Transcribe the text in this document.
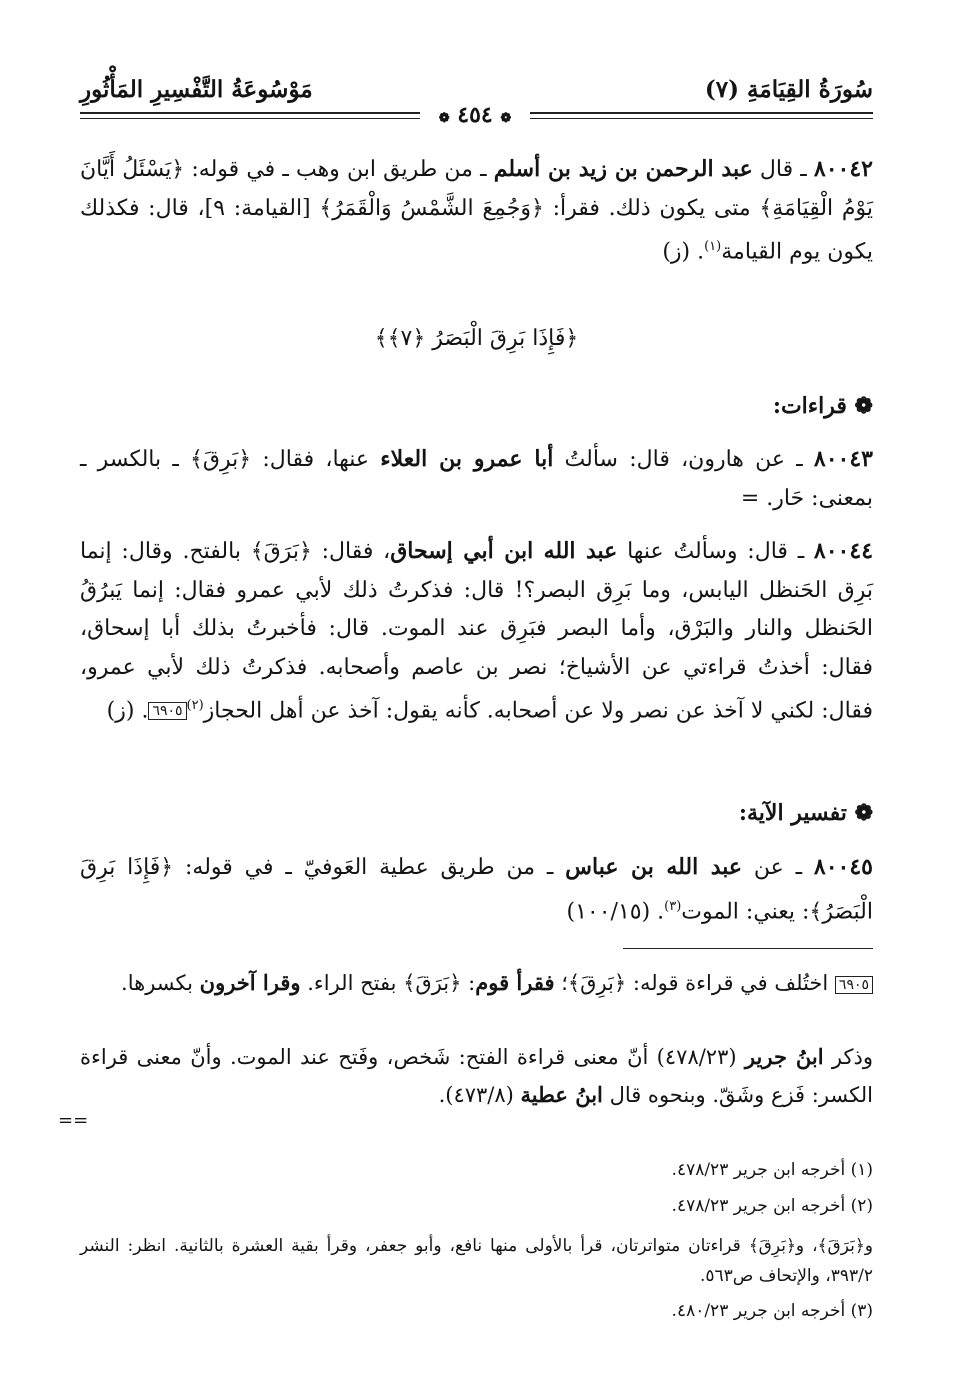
سُورَةُ القِيَامَةِ (٧)
مَوْسُوعَةُ التَّفْسِيرِ المَأْثُورِ
❁ ٤٥٤ ❁
٨٠٠٤٢ ـ قال عبد الرحمن بن زيد بن أسلم ـ من طريق ابن وهب ـ في قوله: ﴿يَسْئَلُ أَيَّانَ يَوْمُ الْقِيَامَةِ﴾ متى يكون ذلك. فقرأ: ﴿وَجُمِعَ الشَّمْسُ وَالْقَمَرُ﴾ [القيامة: ٩]، قال: فكذلك يكون يوم القيامة$^{(١)}$. (ز)
﴿فَإِذَا بَرِقَ الْبَصَرُ ﴿٧﴾﴾
❁ قراءات:
٨٠٠٤٣ ـ عن هارون، قال: سألتُ أبا عمرو بن العلاء عنها، فقال: ﴿بَرِقَ﴾ ـ بالكسر ـ بمعنى: حَار. =
٨٠٠٤٤ ـ قال: وسألتُ عنها عبد الله ابن أبي إسحاق، فقال: ﴿بَرَقَ﴾ بالفتح. وقال: إنما بَرِق الحَنظل اليابس، وما بَرِق البصر؟! قال: فذكرتُ ذلك لأبي عمرو فقال: إنما يَبرُقُ الحَنظل والنار والبَرْق، وأما البصر فبَرِق عند الموت. قال: فأخبرتُ بذلك أبا إسحاق، فقال: أخذتُ قراءتي عن الأشياخ؛ نصر بن عاصم وأصحابه. فذكرتُ ذلك لأبي عمرو، فقال: لكني لا آخذ عن نصر ولا عن أصحابه. كأنه يقول: آخذ عن أهل الحجاز$^{(٢)}$٦٩٠٥. (ز)
❁ تفسير الآية:
٨٠٠٤٥ ـ عن عبد الله بن عباس ـ من طريق عطية العَوفيّ ـ في قوله: ﴿فَإِذَا بَرِقَ الْبَصَرُ﴾: يعني: الموت$^{(٣)}$. (١٠٠/١٥)
٦٩٠٥ اختُلف في قراءة قوله: ﴿بَرِقَ﴾؛ فقرأ قوم: ﴿بَرَقَ﴾ بفتح الراء. وقرا آخرون بكسرها.
وذكر ابنُ جرير (٤٧٨/٢٣) أنّ معنى قراءة الفتح: شَخص، وفَتح عند الموت. وأنّ معنى قراءة الكسر: فَزع وشَقّ. وبنحوه قال ابنُ عطية (٤٧٣/٨).
==
(١) أخرجه ابن جرير ٤٧٨/٢٣.
(٢) أخرجه ابن جرير ٤٧٨/٢٣.
و﴿بَرَقَ﴾، و﴿بَرِقَ﴾ قراءتان متواترتان، قرأ بالأولى منها نافع، وأبو جعفر، وقرأ بقية العشرة بالثانية. انظر: النشر ٣٩٣/٢، والإتحاف ص٥٦٣.
(٣) أخرجه ابن جرير ٤٨٠/٢٣.
